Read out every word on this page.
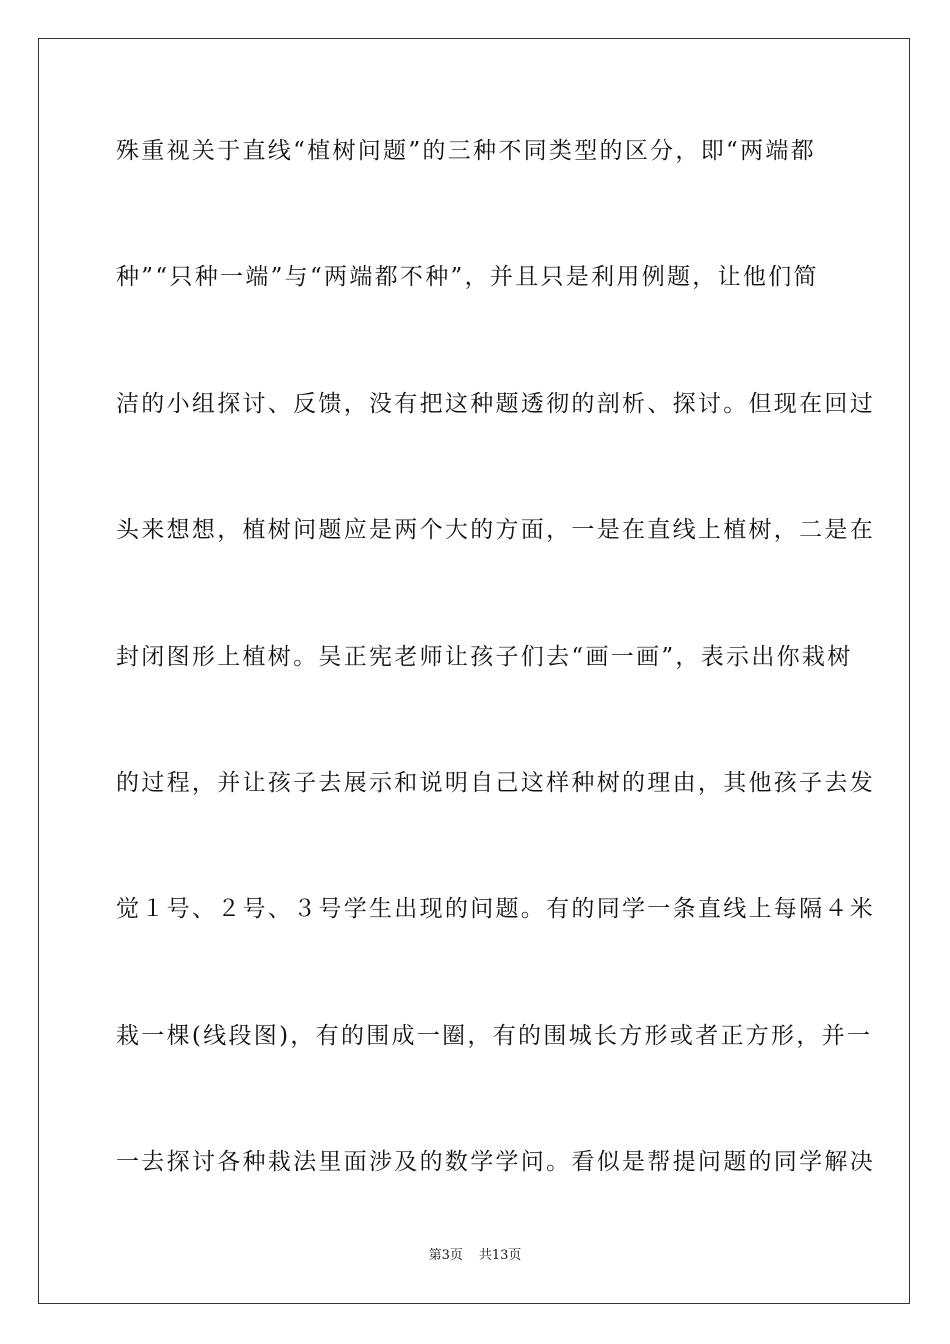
殊重视关于直线“植树问题”的三种不同类型的区分，即“两端都

种”“只种一端”与“两端都不种”，并且只是利用例题，让他们简

洁的小组探讨、反馈，没有把这种题透彻的剖析、探讨。但现在回过

头来想想，植树问题应是两个大的方面，一是在直线上植树，二是在

封闭图形上植树。吴正宪老师让孩子们去“画一画”，表示出你栽树

的过程，并让孩子去展示和说明自己这样种树的理由，其他孩子去发

觉１号、２号、３号学生出现的问题。有的同学一条直线上每隔４米

栽一棵(线段图)，有的围成一圈，有的围城长方形或者正方形，并一

一去探讨各种栽法里面涉及的数学学问。看似是帮提问题的同学解决

第3页 共13页
